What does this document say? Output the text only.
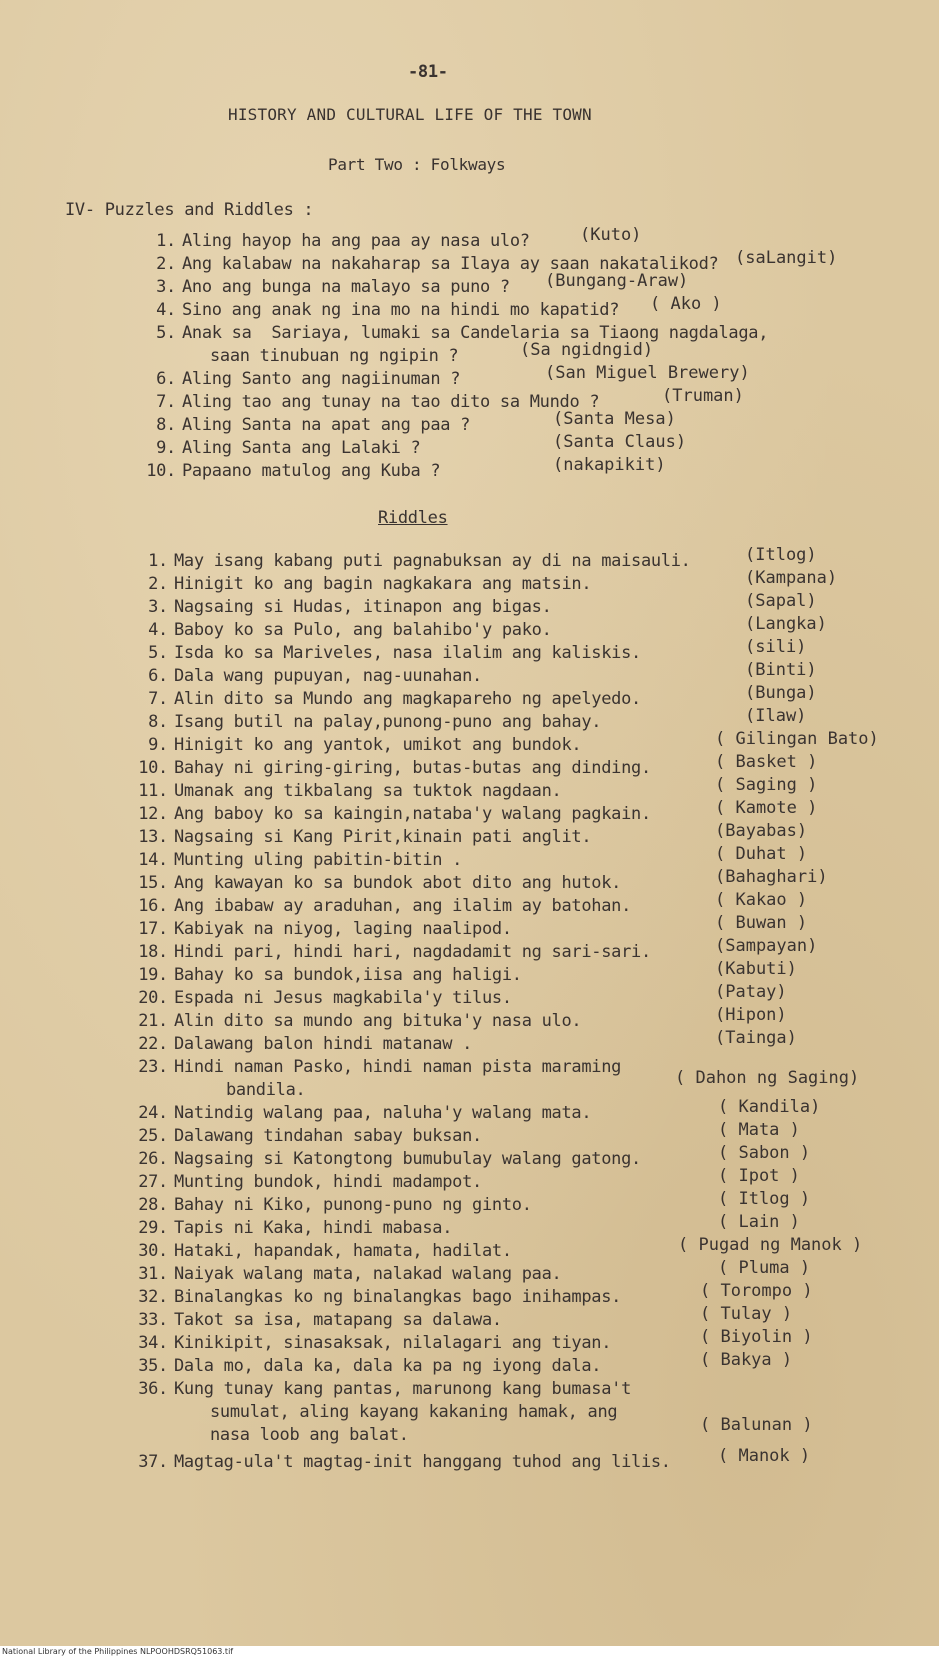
-81-
HISTORY AND CULTURAL LIFE OF THE TOWN
Part Two : Folkways
IV- Puzzles and Riddles :
1. Aling hayop ha ang paa ay nasa ulo?	(Kuto)
2. Ang kalabaw na nakaharap sa Ilaya ay saan nakatalikod? (saLangit)
3. Ano ang bunga na malayo sa puno ? (Bungang-Araw)
4. Sino ang anak ng ina mo na hindi mo kapatid? ( Ako )
5. Anak sa  Sariaya, lumaki sa Candelaria sa Tiaong nagdalaga,
saan tinubuan ng ngipin ?	(Sa ngidngid)
6. Aling Santo ang nagiinuman ?	(San Miguel Brewery)
7. Aling tao ang tunay na tao dito sa Mundo ?	(Truman)
8. Aling Santa na apat ang paa ?	(Santa Mesa)
9. Aling Santa ang Lalaki ?	(Santa Claus)
10. Papaano matulog ang Kuba ?	(nakapikit)
Riddles
1. May isang kabang puti pagnabuksan ay di na maisauli.	(Itlog)
2. Hinigit ko ang bagin nagkakara ang matsin.	(Kampana)
3. Nagsaing si Hudas, itinapon ang bigas.	(Sapal)
4. Baboy ko sa Pulo, ang balahibo'y pako.	(Langka)
5. Isda ko sa Mariveles, nasa ilalim ang kaliskis.	(sili)
6. Dala wang pupuyan, nag-uunahan.	(Binti)
7. Alin dito sa Mundo ang magkapareho ng apelyedo.	(Bunga)
8. Isang butil na palay,punong-puno ang bahay.	(Ilaw)
9. Hinigit ko ang yantok, umikot ang bundok.	( Gilingan Bato)
10. Bahay ni giring-giring, butas-butas ang dinding.	( Basket )
11. Umanak ang tikbalang sa tuktok nagdaan.	( Saging )
12. Ang baboy ko sa kaingin,nataba'y walang pagkain.	( Kamote )
13. Nagsaing si Kang Pirit,kinain pati anglit.	(Bayabas)
14. Munting uling pabitin-bitin .	( Duhat )
15. Ang kawayan ko sa bundok abot dito ang hutok.	(Bahaghari)
16. Ang ibabaw ay araduhan, ang ilalim ay batohan.	( Kakao )
17. Kabiyak na niyog, laging naalipod.	( Buwan )
18. Hindi pari, hindi hari, nagdadamit ng sari-sari.	(Sampayan)
19. Bahay ko sa bundok,iisa ang haligi.	(Kabuti)
20. Espada ni Jesus magkabila'y tilus.	(Patay)
21. Alin dito sa mundo ang bituka'y nasa ulo.	(Hipon)
22. Dalawang balon hindi matanaw .	(Tainga)
23. Hindi naman Pasko, hindi naman pista maraming
bandila.
( Dahon ng Saging)
24. Natindig walang paa, naluha'y walang mata.	( Kandila)
25. Dalawang tindahan sabay buksan.	( Mata )
26. Nagsaing si Katongtong bumubulay walang gatong.	( Sabon )
27. Munting bundok, hindi madampot.	( Ipot )
28. Bahay ni Kiko, punong-puno ng ginto.	( Itlog )
29. Tapis ni Kaka, hindi mabasa.	( Lain )
30. Hataki, hapandak, hamata, hadilat.	( Pugad ng Manok )
31. Naiyak walang mata, nalakad walang paa.	( Pluma )
32. Binalangkas ko ng binalangkas bago inihampas.	( Torompo )
33. Takot sa isa, matapang sa dalawa.	( Tulay )
34. Kinikipit, sinasaksak, nilalagari ang tiyan.	( Biyolin )
35. Dala mo, dala ka, dala ka pa ng iyong dala.	( Bakya )
36. Kung tunay kang pantas, marunong kang bumasa't
sumulat, aling kayang kakaning hamak, ang
nasa loob ang balat.	( Balunan )
37. Magtag-ula't magtag-init hanggang tuhod ang lilis.	( Manok )
National Library of the Philippines NLPOOHDSRQ51063.tif
